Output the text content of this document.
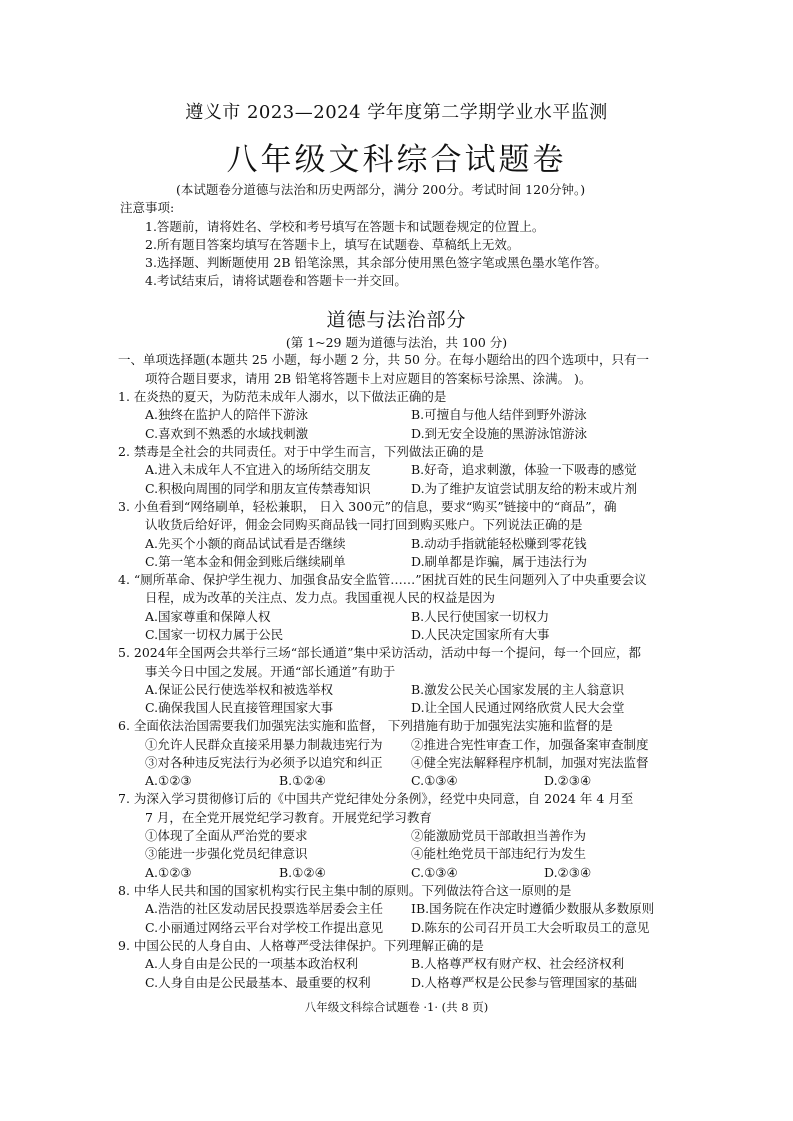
遵义市 2023—2024 学年度第二学期学业水平监测
八年级文科综合试题卷
(本试题卷分道德与法治和历史两部分，满分 200分。考试时间 120分钟。)
注意事项:
1.答题前，请将姓名、学校和考号填写在答题卡和试题卷规定的位置上。
2.所有题目答案均填写在答题卡上，填写在试题卷、草稿纸上无效。
3.选择题、判断题使用 2B 铅笔涂黑，其余部分使用黑色签字笔或黑色墨水笔作答。
4.考试结束后，请将试题卷和答题卡一并交回。
道德与法治部分
(第 1~29 题为道德与法治，共 100 分)
一、单项选择题(本题共 25 小题，每小题 2 分，共 50 分。在每小题给出的四个选项中，只有一
项符合题目要求，请用 2B 铅笔将答题卡上对应题目的答案标号涂黑、涂满。 )。
1. 在炎热的夏天，为防范未成年人溺水，以下做法正确的是
A.独终在监护人的陪伴下游泳	B.可擅自与他人结伴到野外游泳
C.喜欢到不熟悉的水域找刺激	D.到无安全设施的黑游泳馆游泳
2. 禁毒是全社会的共同责任。对于中学生而言，下列做法正确的是
A.进入未成年人不宜进入的场所结交朋友	B.好奇，追求刺激，体验一下吸毒的感觉
C.积极向周围的同学和朋友宣传禁毒知识	D.为了维护友谊尝试朋友给的粉末或片剂
3. 小鱼看到“网络刷单，轻松兼职， 日入 300元”的信息，要求“购买”链接中的“商品”，确
认收货后给好评，佣金会同购买商品钱一同打回到购买账户。下列说法正确的是
A.先买个小额的商品试试看是否继续	B.动动手指就能轻松赚到零花钱
C.第一笔本金和佣金到账后继续刷单	D.刷单都是诈骗，属于违法行为
4. “厕所革命、保护学生视力、加强食品安全监管……”困扰百姓的民生问题列入了中央重要会议
日程，成为改革的关注点、发力点。我国重视人民的权益是因为
A.国家尊重和保障人权	B.人民行使国家一切权力
C.国家一切权力属于公民	D.人民决定国家所有大事
5. 2024年全国两会共举行三场“部长通道”集中采访活动，活动中每一个提问，每一个回应，都
事关今日中国之发展。开通“部长通道”有助于
A.保证公民行使选举权和被选举权	B.激发公民关心国家发展的主人翁意识
C.确保我国人民直接管理国家大事	D.让全国人民通过网络欣赏人民大会堂
6. 全面依法治国需要我们加强宪法实施和监督， 下列措施有助于加强宪法实施和监督的是
①允许人民群众直接采用暴力制裁违宪行为 ②推进合宪性审查工作，加强备案审查制度
③对各种违反宪法行为必须予以追究和纠正 ④健全宪法解释程序机制，加强对宪法监督
A.①②③	B.①②④	C.①③④	D.②③④
7. 为深入学习贯彻修订后的《中国共产党纪律处分条例》，经党中央同意，自 2024 年 4 月至
7 月，在全党开展党纪学习教育。开展党纪学习教育
①体现了全面从严治党的要求	②能激励党员干部敢担当善作为
③能进一步强化党员纪律意识	④能杜绝党员干部违纪行为发生
A.①②③	B.①②④	C.①③④	D.②③④
8. 中华人民共和国的国家机构实行民主集中制的原则。下列做法符合这一原则的是
A.浩浩的社区发动居民投票选举居委会主任 IB.国务院在作决定时遵循少数服从多数原则
C.小丽通过网络云平台对学校工作提出意见 D.陈东的公司召开员工大会听取员工的意见
9. 中国公民的人身自由、人格尊严受法律保护。下列理解正确的是
A.人身自由是公民的一项基本政治权利	B.人格尊严权有财产权、社会经济权利
C.人身自由是公民最基本、最重要的权利	D.人格尊严权是公民参与管理国家的基础
八年级文科综合试题卷 ·1· (共 8 页)
